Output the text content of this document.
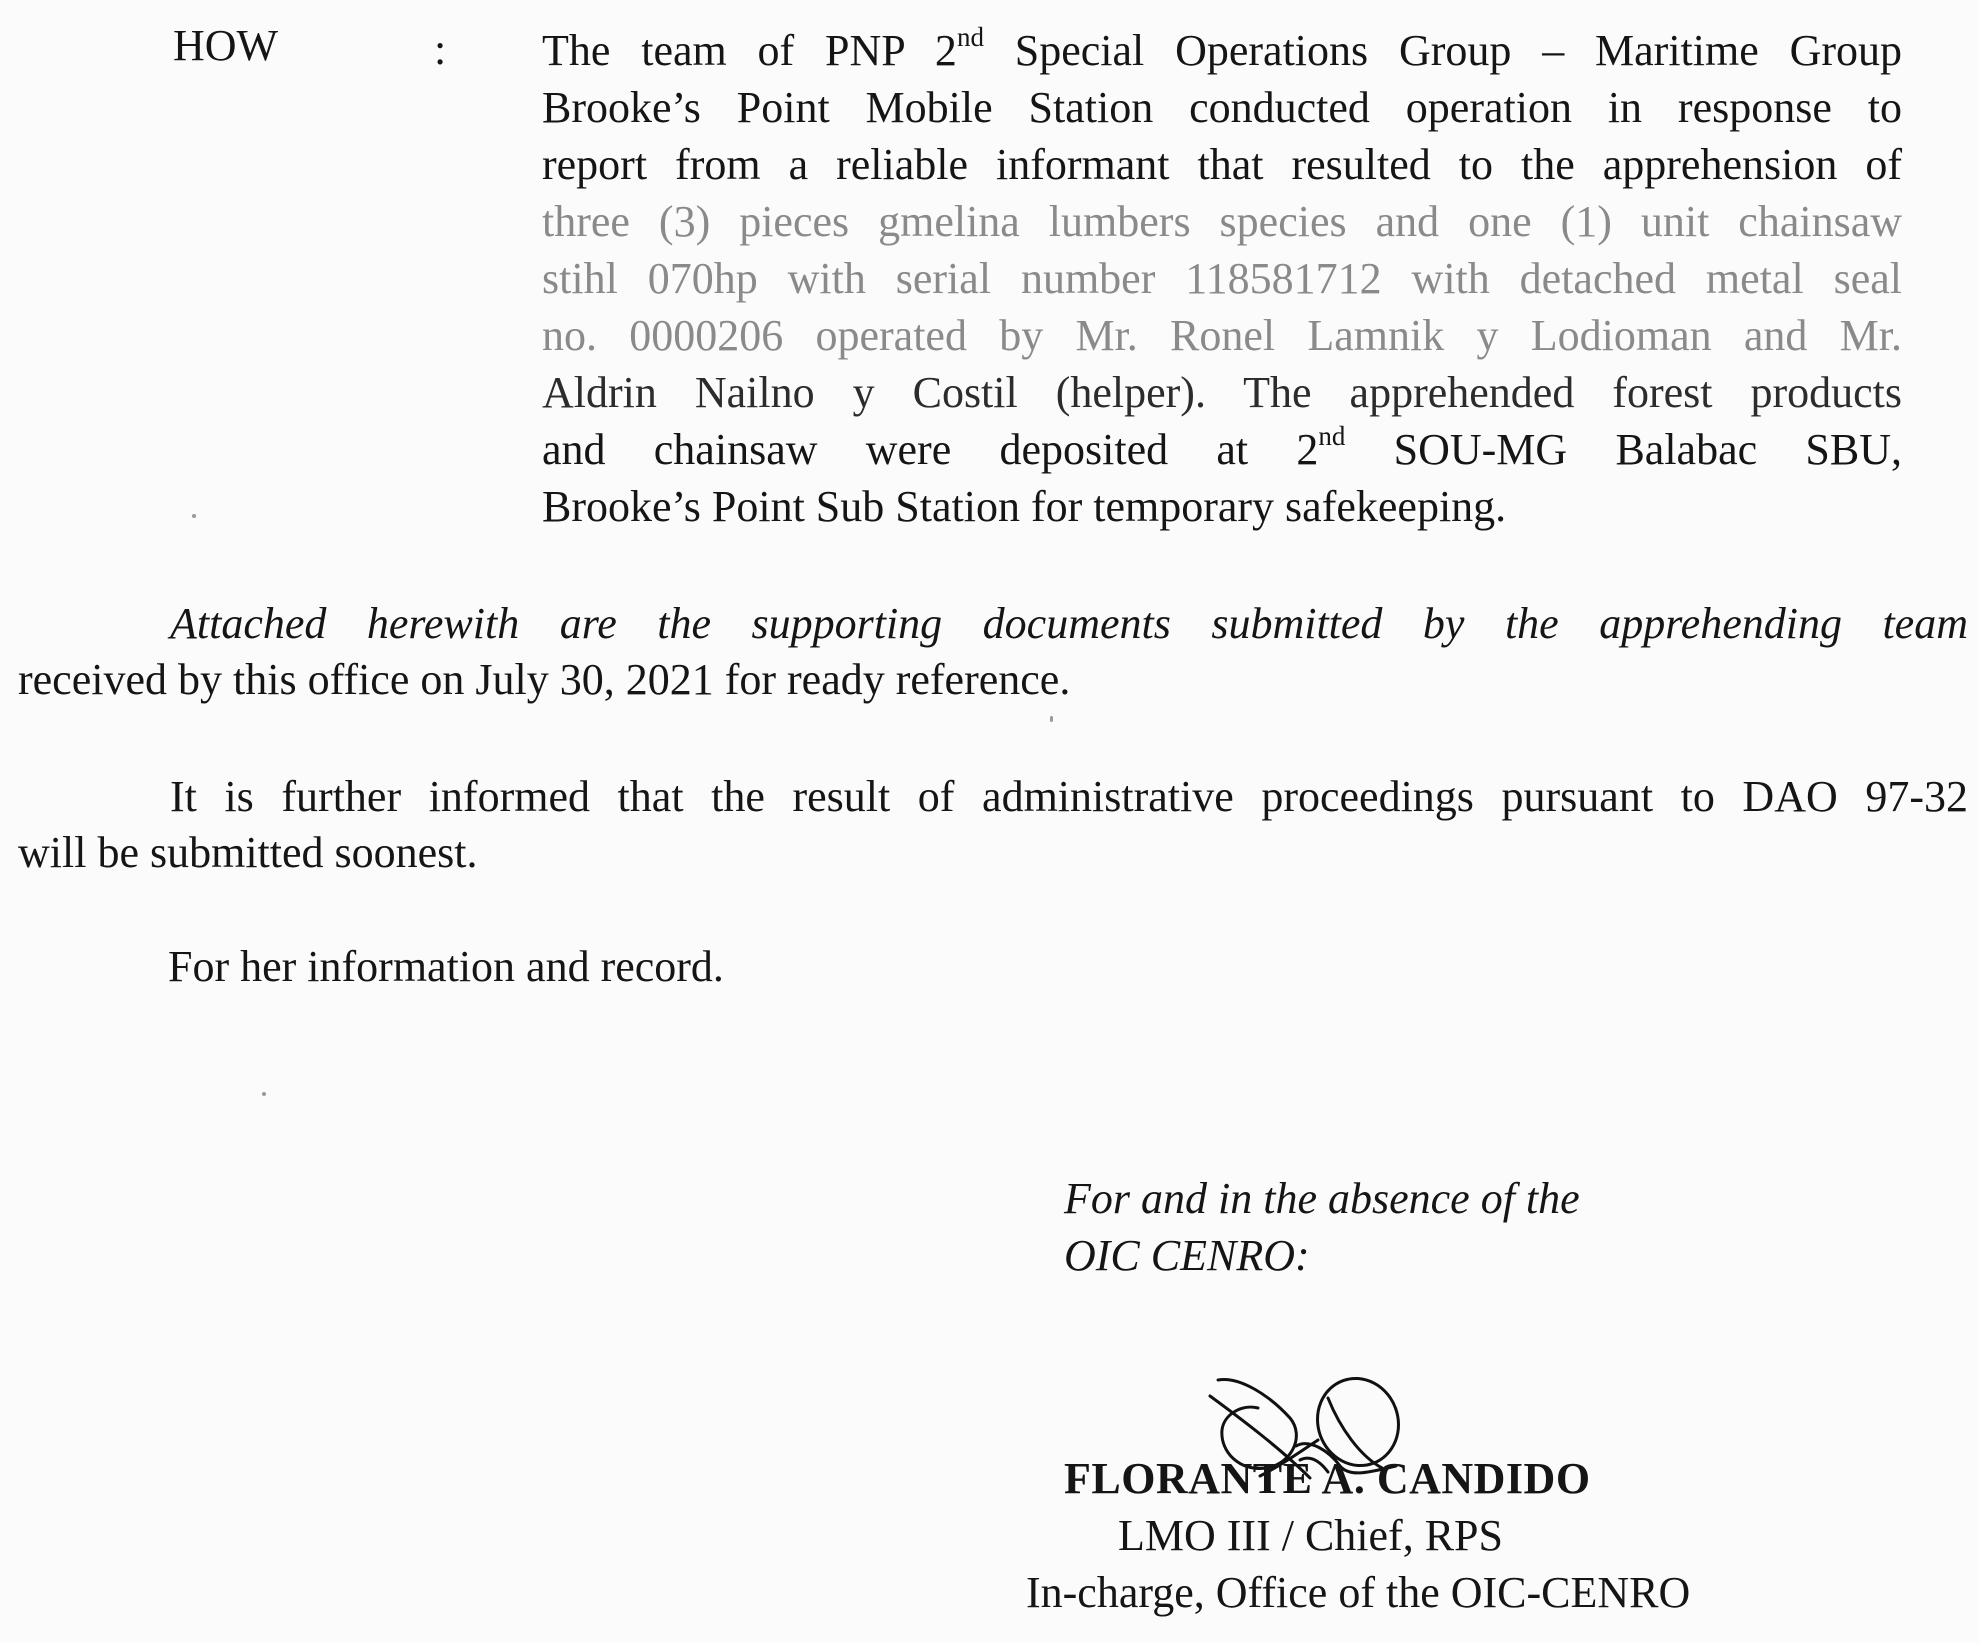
HOW	: The team of PNP 2nd Special Operations Group – Maritime Group
Brooke’s Point Mobile Station conducted operation in response to
report from a reliable informant that resulted to the apprehension of
three (3) pieces gmelina lumbers species and one (1) unit chainsaw
stihl 070hp with serial number 118581712 with detached metal seal
no. 0000206 operated by Mr. Ronel Lamnik y Lodioman and Mr.
Aldrin Nailno y Costil (helper). The apprehended forest products
and chainsaw were deposited at 2nd SOU-MG Balabac SBU,
Brooke’s Point Sub Station for temporary safekeeping.
Attached herewith are the supporting documents submitted by the apprehending team
received by this office on July 30, 2021 for ready reference.
It is further informed that the result of administrative proceedings pursuant to DAO 97-32
will be submitted soonest.
For her information and record.
For and in the absence of the
OIC CENRO:
FLORANTE A. CANDIDO
LMO III / Chief, RPS
In-charge, Office of the OIC-CENRO
